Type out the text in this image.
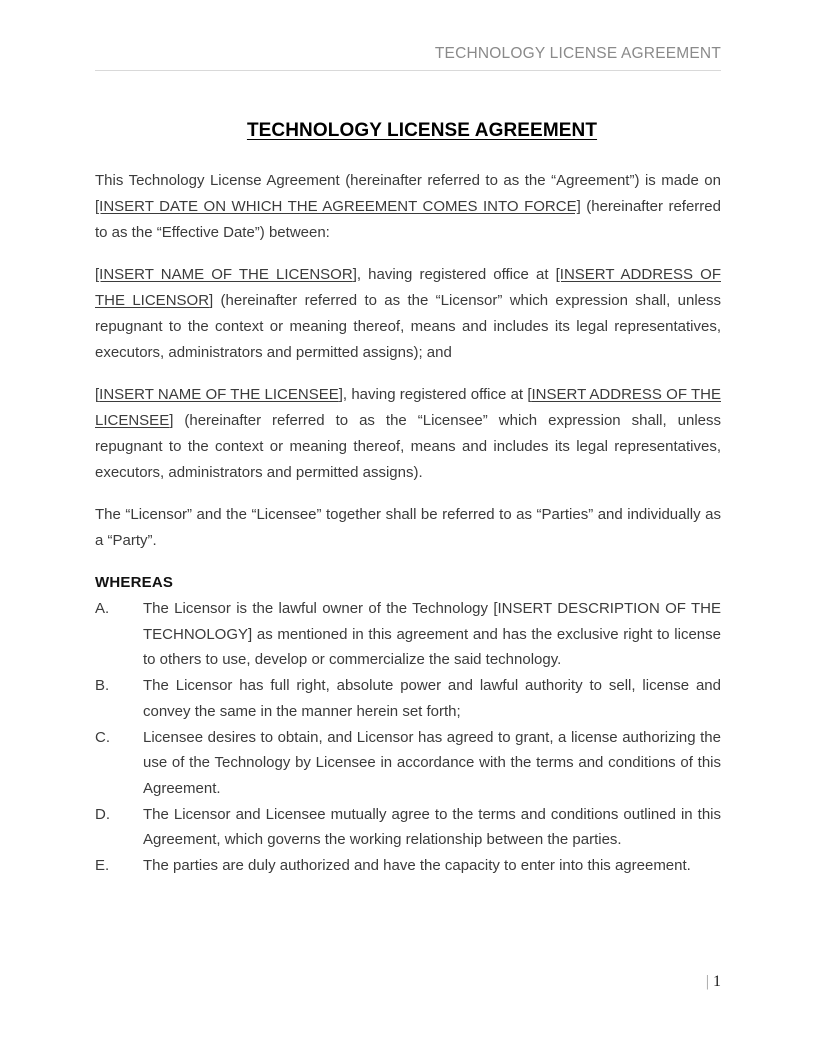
TECHNOLOGY LICENSE AGREEMENT
TECHNOLOGY LICENSE AGREEMENT

This Technology License Agreement (hereinafter referred to as the “Agreement”) is made on [INSERT DATE ON WHICH THE AGREEMENT COMES INTO FORCE] (hereinafter referred to as the “Effective Date”) between:

[INSERT NAME OF THE LICENSOR], having registered office at [INSERT ADDRESS OF THE LICENSOR] (hereinafter referred to as the “Licensor” which expression shall, unless repugnant to the context or meaning thereof, means and includes its legal representatives, executors, administrators and permitted assigns); and

[INSERT NAME OF THE LICENSEE], having registered office at [INSERT ADDRESS OF THE LICENSEE] (hereinafter referred to as the “Licensee” which expression shall, unless repugnant to the context or meaning thereof, means and includes its legal representatives, executors, administrators and permitted assigns).

The “Licensor” and the “Licensee” together shall be referred to as “Parties” and individually as a “Party”.

WHEREAS

A.	The Licensor is the lawful owner of the Technology [INSERT DESCRIPTION OF THE TECHNOLOGY] as mentioned in this agreement and has the exclusive right to license to others to use, develop or commercialize the said technology.
B.	The Licensor has full right, absolute power and lawful authority to sell, license and convey the same in the manner herein set forth;
C.	Licensee desires to obtain, and Licensor has agreed to grant, a license authorizing the use of the Technology by Licensee in accordance with the terms and conditions of this Agreement.
D.	The Licensor and Licensee mutually agree to the terms and conditions outlined in this Agreement, which governs the working relationship between the parties.
E.	The parties are duly authorized and have the capacity to enter into this agreement.
| 1
